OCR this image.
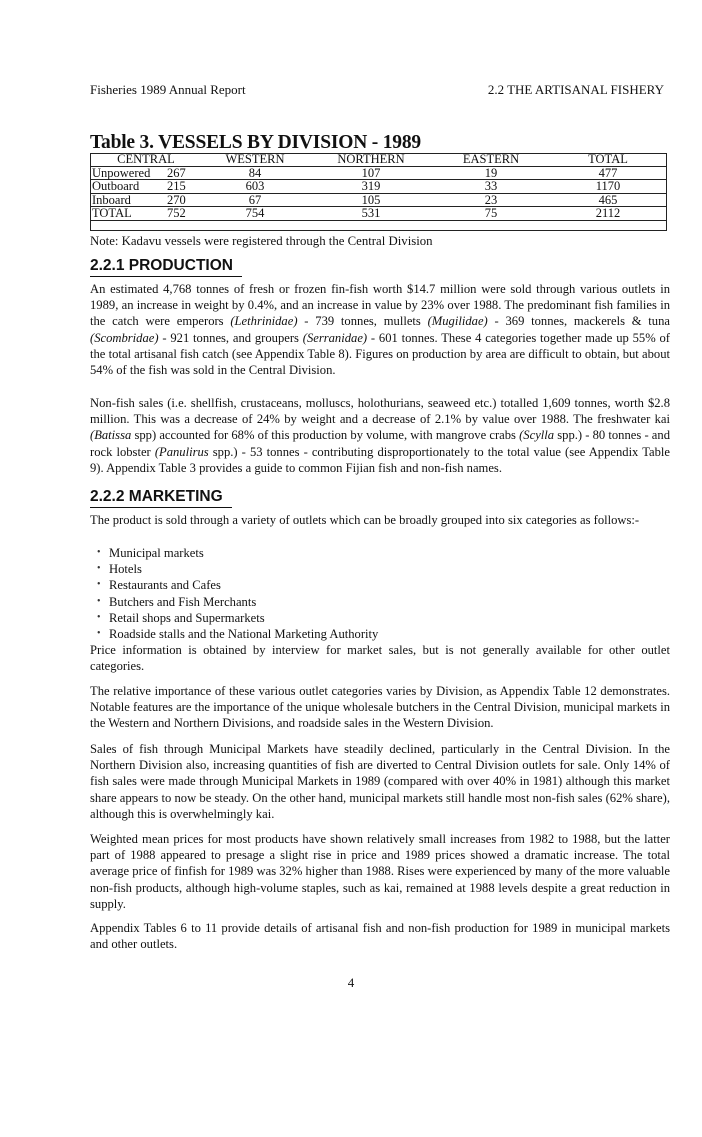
Fisheries 1989 Annual Report	2.2 THE ARTISANAL FISHERY
Table 3. VESSELS BY DIVISION - 1989
CENTRAL		WESTERN	NORTHERN	EASTERN	TOTAL
Unpowered	267	84	107	19	477
Outboard	215	603	319	33	1170
Inboard	270	67	105	23	465
TOTAL	752	754	531	75	2112
Note: Kadavu vessels were registered through the Central Division
2.2.1 PRODUCTION

An estimated 4,768 tonnes of fresh or frozen fin-fish worth $14.7 million were sold through various outlets in 1989, an increase in weight by 0.4%, and an increase in value by 23% over 1988. The predominant fish families in the catch were emperors (Lethrinidae) - 739 tonnes, mullets (Mugilidae) - 369 tonnes, mackerels & tuna (Scombridae) - 921 tonnes, and groupers (Serranidae) - 601 tonnes. These 4 categories together made up 55% of the total artisanal fish catch (see Appendix Table 8). Figures on production by area are difficult to obtain, but about 54% of the fish was sold in the Central Division.

Non-fish sales (i.e. shellfish, crustaceans, molluscs, holothurians, seaweed etc.) totalled 1,609 tonnes, worth $2.8 million. This was a decrease of 24% by weight and a decrease of 2.1% by value over 1988. The freshwater kai (Batissa spp) accounted for 68% of this production by volume, with mangrove crabs (Scylla spp.) - 80 tonnes - and rock lobster (Panulirus spp.) - 53 tonnes - contributing disproportionately to the total value (see Appendix Table 9). Appendix Table 3 provides a guide to common Fijian fish and non-fish names.

2.2.2 MARKETING

The product is sold through a variety of outlets which can be broadly grouped into six categories as follows:-

• Municipal markets
• Hotels
• Restaurants and Cafes
• Butchers and Fish Merchants
• Retail shops and Supermarkets
• Roadside stalls and the National Marketing Authority

Price information is obtained by interview for market sales, but is not generally available for other outlet categories.

The relative importance of these various outlet categories varies by Division, as Appendix Table 12 demonstrates. Notable features are the importance of the unique wholesale butchers in the Central Division, municipal markets in the Western and Northern Divisions, and roadside sales in the Western Division.

Sales of fish through Municipal Markets have steadily declined, particularly in the Central Division. In the Northern Division also, increasing quantities of fish are diverted to Central Division outlets for sale. Only 14% of fish sales were made through Municipal Markets in 1989 (compared with over 40% in 1981) although this market share appears to now be steady. On the other hand, municipal markets still handle most non-fish sales (62% share), although this is overwhelmingly kai.

Weighted mean prices for most products have shown relatively small increases from 1982 to 1988, but the latter part of 1988 appeared to presage a slight rise in price and 1989 prices showed a dramatic increase. The total average price of finfish for 1989 was 32% higher than 1988. Rises were experienced by many of the more valuable non-fish products, although high-volume staples, such as kai, remained at 1988 levels despite a great reduction in supply.

Appendix Tables 6 to 11 provide details of artisanal fish and non-fish production for 1989 in municipal markets and other outlets.

4
